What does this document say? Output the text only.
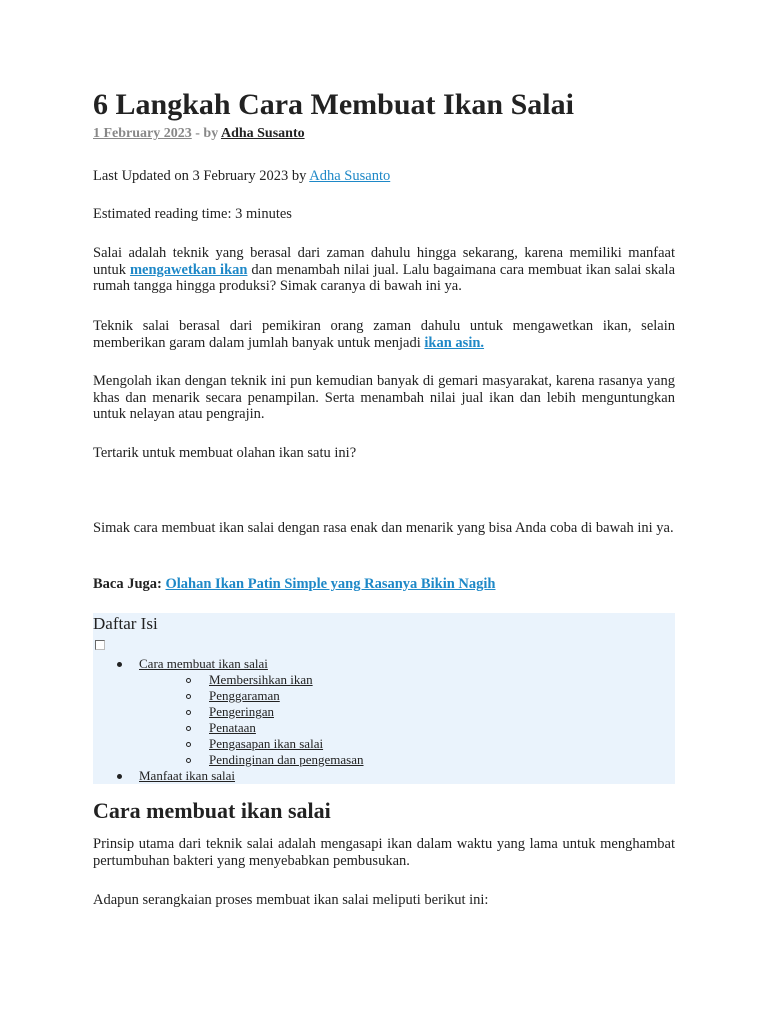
6 Langkah Cara Membuat Ikan Salai
1 February 2023 - by Adha Susanto

Last Updated on 3 February 2023 by Adha Susanto

Estimated reading time: 3 minutes

Salai adalah teknik yang berasal dari zaman dahulu hingga sekarang, karena memiliki manfaat untuk mengawetkan ikan dan menambah nilai jual. Lalu bagaimana cara membuat ikan salai skala rumah tangga hingga produksi? Simak caranya di bawah ini ya.

Teknik salai berasal dari pemikiran orang zaman dahulu untuk mengawetkan ikan, selain memberikan garam dalam jumlah banyak untuk menjadi ikan asin.

Mengolah ikan dengan teknik ini pun kemudian banyak di gemari masyarakat, karena rasanya yang khas dan menarik secara penampilan. Serta menambah nilai jual ikan dan lebih menguntungkan untuk nelayan atau pengrajin.

Tertarik untuk membuat olahan ikan satu ini?

Simak cara membuat ikan salai dengan rasa enak dan menarik yang bisa Anda coba di bawah ini ya.

Baca Juga: Olahan Ikan Patin Simple yang Rasanya Bikin Nagih

Daftar Isi
Cara membuat ikan salai
Membersihkan ikan
Penggaraman
Pengeringan
Penataan
Pengasapan ikan salai
Pendinginan dan pengemasan
Manfaat ikan salai
Cara membuat ikan salai

Prinsip utama dari teknik salai adalah mengasapi ikan dalam waktu yang lama untuk menghambat pertumbuhan bakteri yang menyebabkan pembusukan.

Adapun serangkaian proses membuat ikan salai meliputi berikut ini:
